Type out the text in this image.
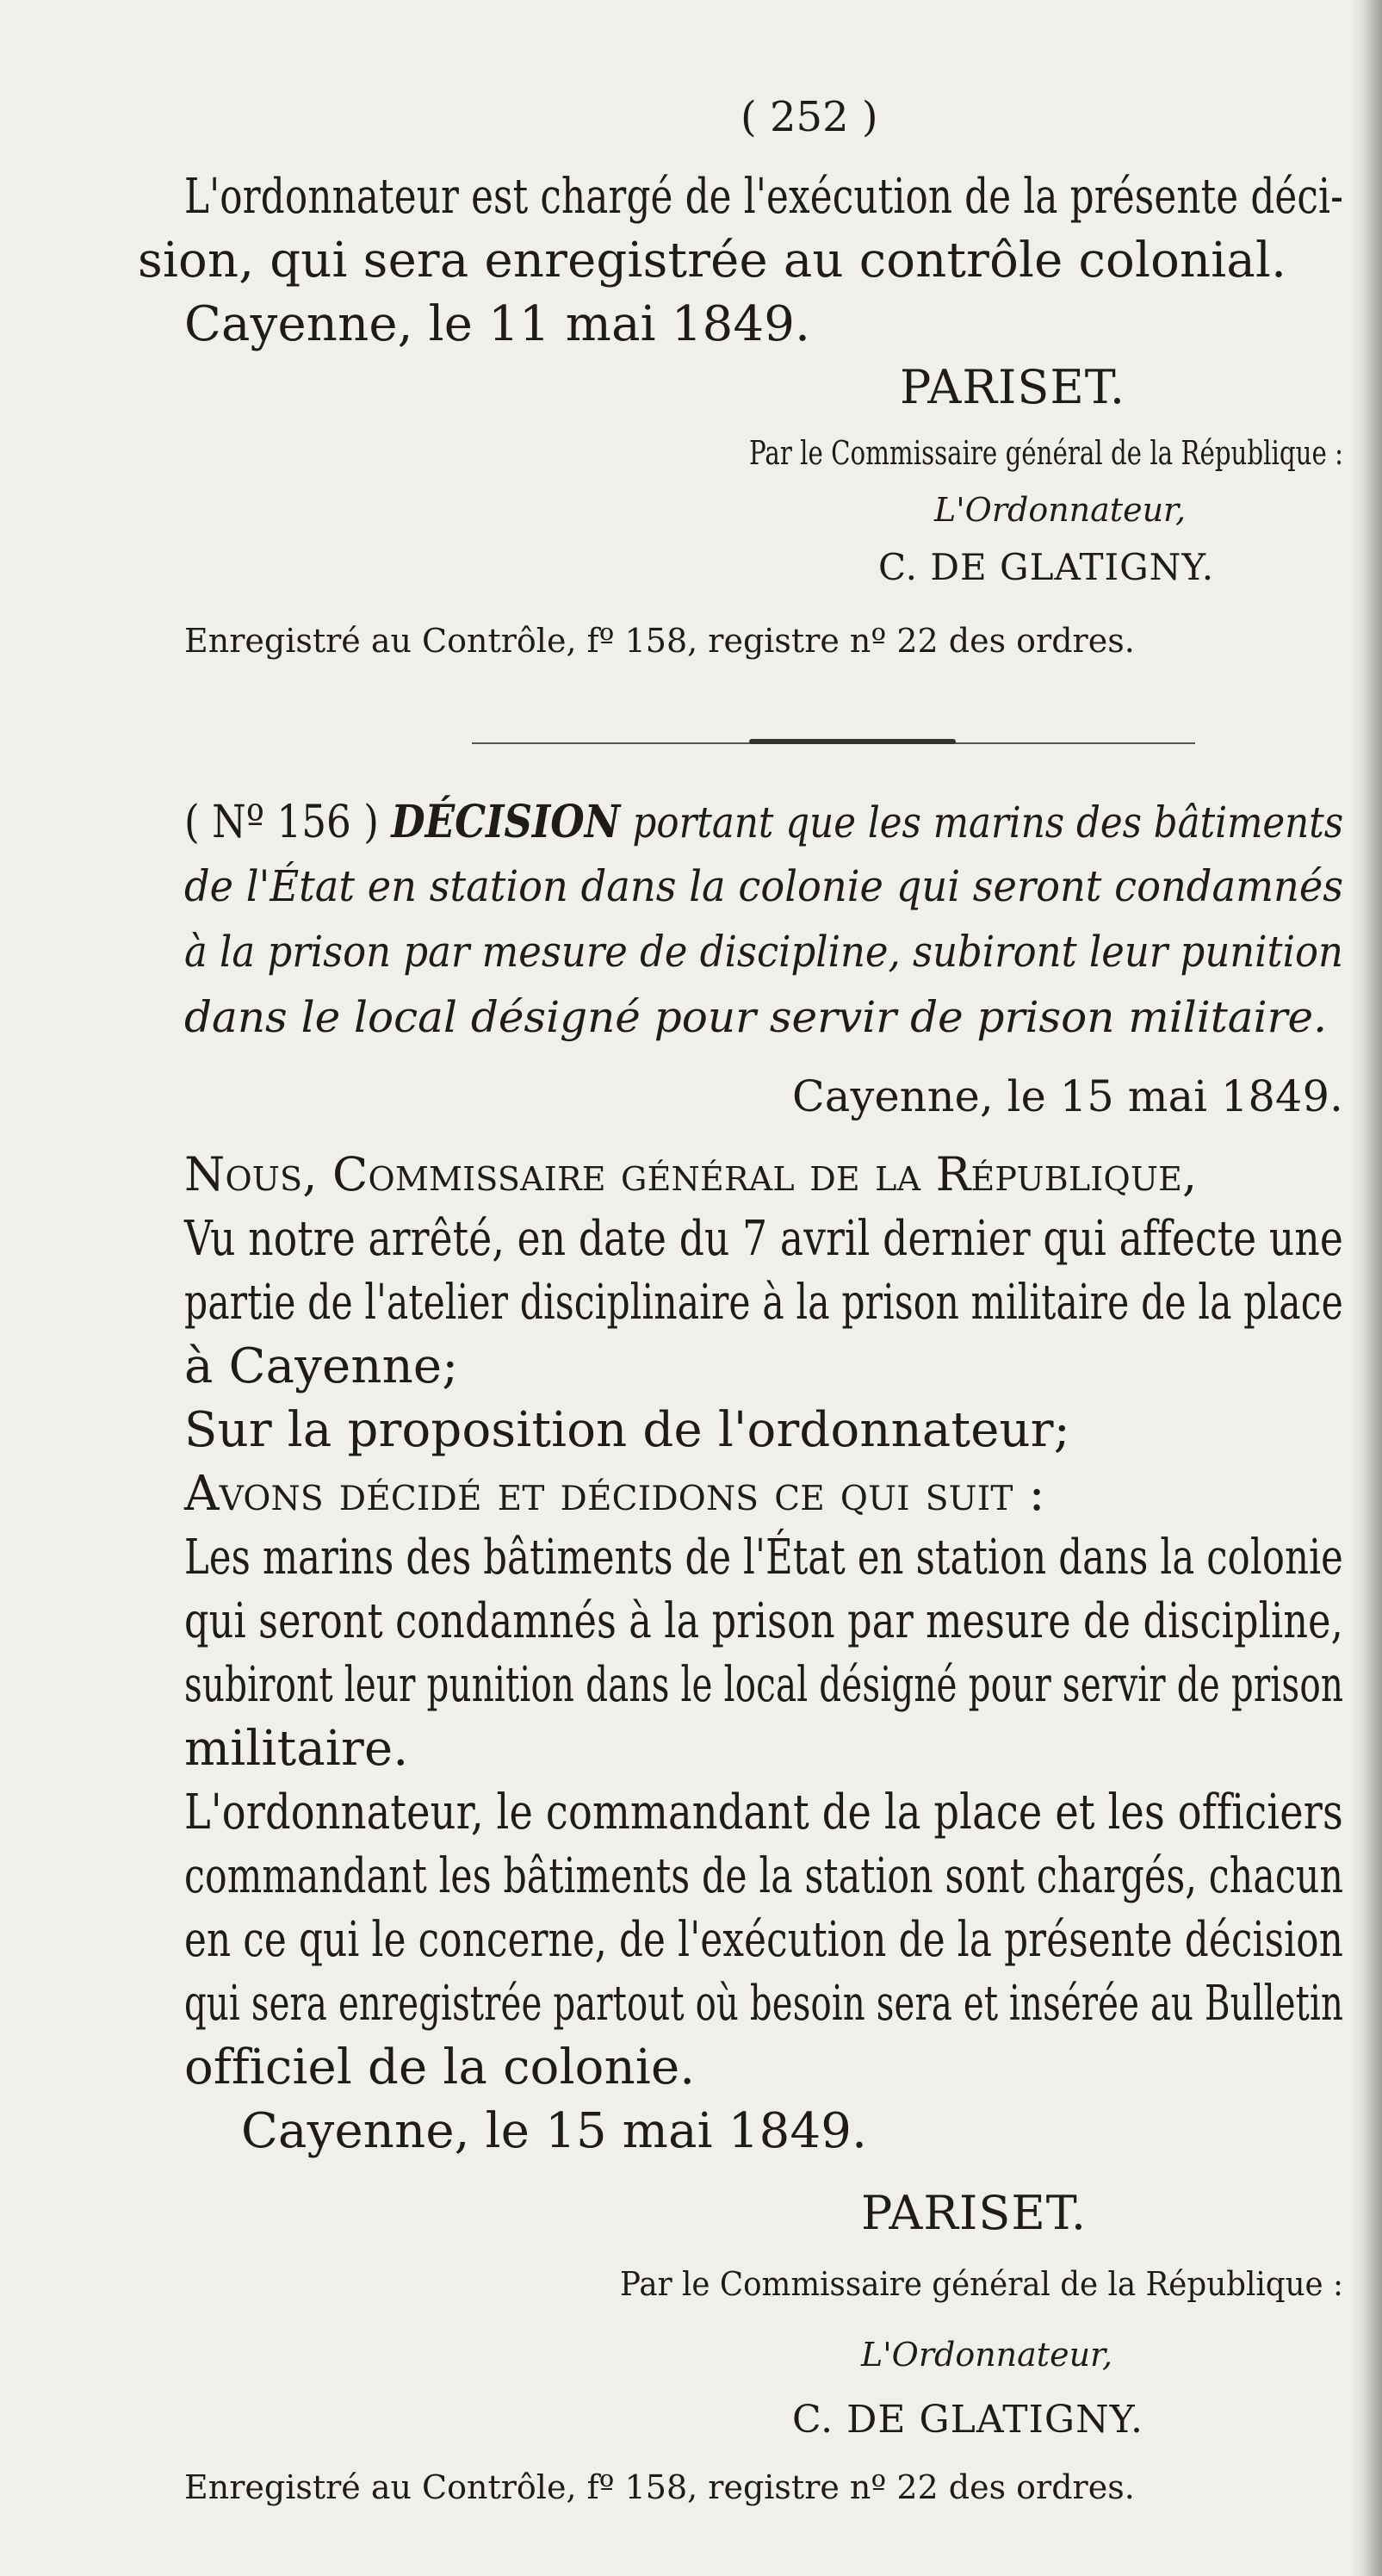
( 252 )
L'ordonnateur est chargé de l'exécution de la présente déci-
sion, qui sera enregistrée au contrôle colonial.
Cayenne, le 11 mai 1849.
PARISET.
Par le Commissaire général de la République :
L'Ordonnateur,
C. DE GLATIGNY.
Enregistré au Contrôle, fº 158, registre nº 22 des ordres.
( Nº 156 ) DÉCISION portant que les marins des bâtiments
de l'État en station dans la colonie qui seront condamnés
à la prison par mesure de discipline, subiront leur punition
dans le local désigné pour servir de prison militaire.
Cayenne, le 15 mai 1849.
Nous, Commissaire général de la République,
Vu notre arrêté, en date du 7 avril dernier qui affecte une
partie de l'atelier disciplinaire à la prison militaire de la place
à Cayenne;
Sur la proposition de l'ordonnateur;
Avons décidé et décidons ce qui suit :
Les marins des bâtiments de l'État en station dans la colonie
qui seront condamnés à la prison par mesure de discipline,
subiront leur punition dans le local désigné pour servir de prison
militaire.
L'ordonnateur, le commandant de la place et les officiers
commandant les bâtiments de la station sont chargés, chacun
en ce qui le concerne, de l'exécution de la présente décision
qui sera enregistrée partout où besoin sera et insérée au Bulletin
officiel de la colonie.
Cayenne, le 15 mai 1849.
PARISET.
Par le Commissaire général de la République :
L'Ordonnateur,
C. DE GLATIGNY.
Enregistré au Contrôle, fº 158, registre nº 22 des ordres.
